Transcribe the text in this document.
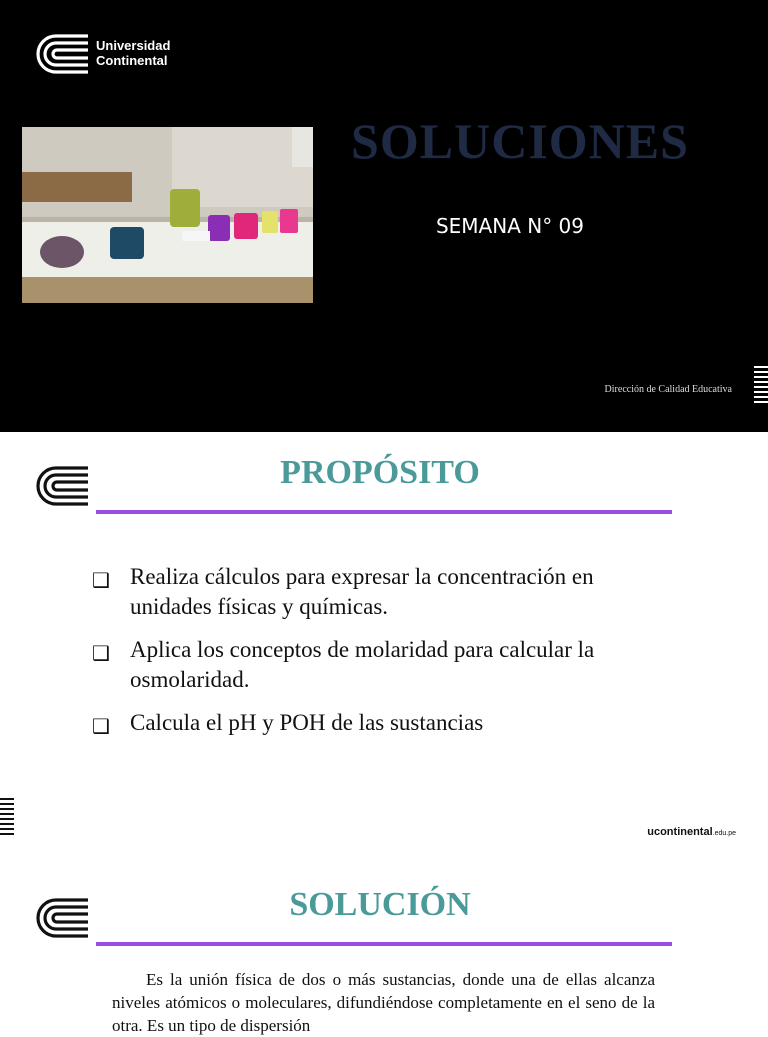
Universidad
Continental
SOLUCIONES
SEMANA N° 09
Dirección de Calidad Educativa
PROPÓSITO
❑ Realiza cálculos para expresar la concentración en unidades físicas y químicas.
❑ Aplica los conceptos de molaridad para calcular la osmolaridad.
❑ Calcula el pH y POH de las sustancias
ucontinental.edu.pe
SOLUCIÓN
Es la unión física de dos o más sustancias, donde una de ellas alcanza niveles atómicos o moleculares, difundiéndose completamente en el seno de la otra. Es un tipo de dispersión
